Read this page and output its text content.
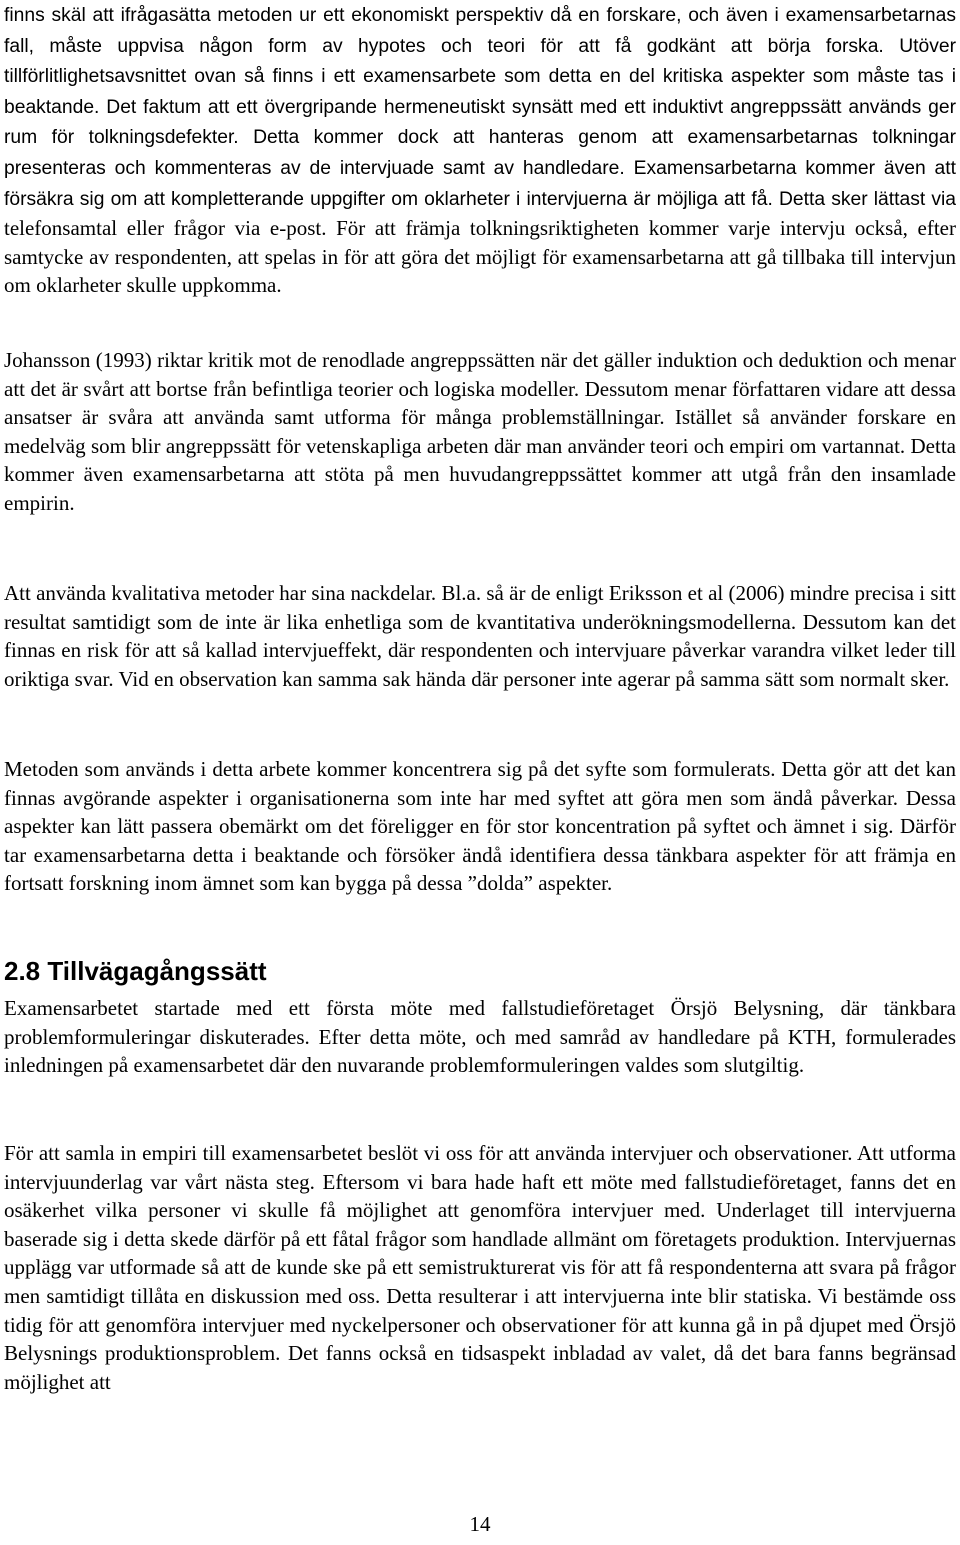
finns skäl att ifrågasätta metoden ur ett ekonomiskt perspektiv då en forskare, och även i examensarbetarnas fall, måste uppvisa någon form av hypotes och teori för att få godkänt att börja forska. Utöver tillförlitlighetsavsnittet ovan så finns i ett examensarbete som detta en del kritiska aspekter som måste tas i beaktande. Det faktum att ett övergripande hermeneutiskt synsätt med ett induktivt angreppssätt används ger rum för tolkningsdefekter. Detta kommer dock att hanteras genom att examensarbetarnas tolkningar presenteras och kommenteras av de intervjuade samt av handledare. Examensarbetarna kommer även att försäkra sig om att kompletterande uppgifter om oklarheter i intervjuerna är möjliga att få. Detta sker lättast via telefonsamtal eller frågor via e-post. För att främja tolkningsriktigheten kommer varje intervju också, efter samtycke av respondenten, att spelas in för att göra det möjligt för examensarbetarna att gå tillbaka till intervjun om oklarheter skulle uppkomma.

Johansson (1993) riktar kritik mot de renodlade angreppssätten när det gäller induktion och deduktion och menar att det är svårt att bortse från befintliga teorier och logiska modeller. Dessutom menar författaren vidare att dessa ansatser är svåra att använda samt utforma för många problemställningar. Istället så använder forskare en medelväg som blir angreppssätt för vetenskapliga arbeten där man använder teori och empiri om vartannat. Detta kommer även examensarbetarna att stöta på men huvudangreppssättet kommer att utgå från den insamlade empirin.

Att använda kvalitativa metoder har sina nackdelar. Bl.a. så är de enligt Eriksson et al (2006) mindre precisa i sitt resultat samtidigt som de inte är lika enhetliga som de kvantitativa underökningsmodellerna. Dessutom kan det finnas en risk för att så kallad intervjueffekt, där respondenten och intervjuare påverkar varandra vilket leder till oriktiga svar. Vid en observation kan samma sak hända där personer inte agerar på samma sätt som normalt sker.

Metoden som används i detta arbete kommer koncentrera sig på det syfte som formulerats. Detta gör att det kan finnas avgörande aspekter i organisationerna som inte har med syftet att göra men som ändå påverkar. Dessa aspekter kan lätt passera obemärkt om det föreligger en för stor koncentration på syftet och ämnet i sig. Därför tar examensarbetarna detta i beaktande och försöker ändå identifiera dessa tänkbara aspekter för att främja en fortsatt forskning inom ämnet som kan bygga på dessa ”dolda” aspekter.

2.8 Tillvägagångssätt

Examensarbetet startade med ett första möte med fallstudieföretaget Örsjö Belysning, där tänkbara problemformuleringar diskuterades. Efter detta möte, och med samråd av handledare på KTH, formulerades inledningen på examensarbetet där den nuvarande problemformuleringen valdes som slutgiltig.

För att samla in empiri till examensarbetet beslöt vi oss för att använda intervjuer och observationer. Att utforma intervjuunderlag var vårt nästa steg. Eftersom vi bara hade haft ett möte med fallstudieföretaget, fanns det en osäkerhet vilka personer vi skulle få möjlighet att genomföra intervjuer med. Underlaget till intervjuerna baserade sig i detta skede därför på ett fåtal frågor som handlade allmänt om företagets produktion. Intervjuernas upplägg var utformade så att de kunde ske på ett semistrukturerat vis för att få respondenterna att svara på frågor men samtidigt tillåta en diskussion med oss. Detta resulterar i att intervjuerna inte blir statiska. Vi bestämde oss tidig för att genomföra intervjuer med nyckelpersoner och observationer för att kunna gå in på djupet med Örsjö Belysnings produktionsproblem. Det fanns också en tidsaspekt inbladad av valet, då det bara fanns begränsad möjlighet att

14
